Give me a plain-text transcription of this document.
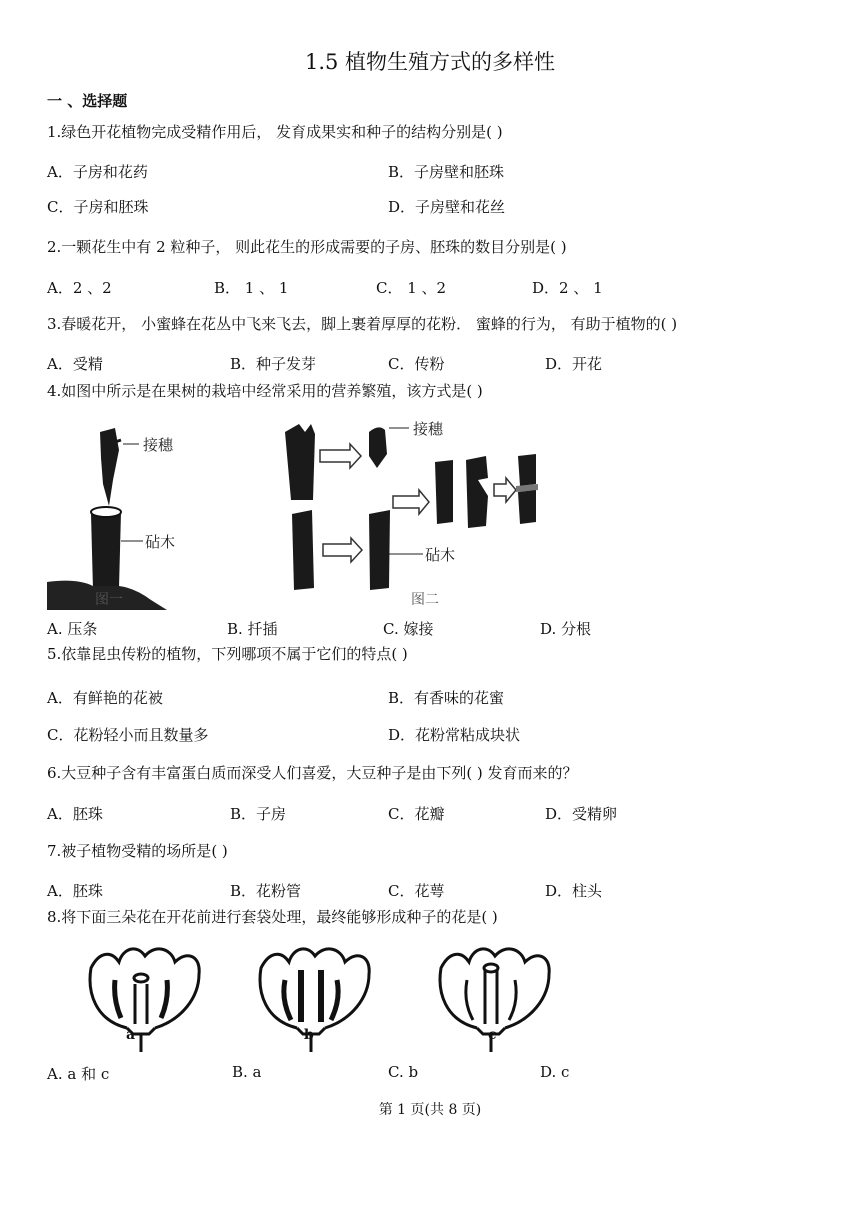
1.5 植物生殖方式的多样性
一 、选择题
1.绿色开花植物完成受精作用后， 发育成果实和种子的结构分别是( )
A．子房和花药	B．子房壁和胚珠
C．子房和胚珠	D．子房壁和花丝
2.一颗花生中有 2 粒种子， 则此花生的形成需要的子房、胚珠的数目分别是( )
A．2 、2	B． 1 、 1	C． 1 、2	D．2 、 1
3.春暖花开， 小蜜蜂在花丛中飞来飞去，脚上裹着厚厚的花粉． 蜜蜂的行为， 有助于植物的( )
A．受精	B．种子发芽	C．传粉	D．开花
4.如图中所示是在果树的栽培中经常采用的营养繁殖，该方式是( )
接穗
砧木
图一
接穗
砧木
图二
A. 压条	B. 扦插	C. 嫁接	D. 分根
5.依靠昆虫传粉的植物，下列哪项不属于它们的特点( )
A．有鲜艳的花被	B．有香味的花蜜
C．花粉轻小而且数量多	D．花粉常粘成块状
6.大豆种子含有丰富蛋白质而深受人们喜爱，大豆种子是由下列( ) 发育而来的？
A．胚珠	B．子房	C．花瓣	D．受精卵
7.被子植物受精的场所是( )
A．胚珠	B．花粉管	C．花萼	D．柱头
8.将下面三朵花在开花前进行套袋处理，最终能够形成种子的花是( )
a	b	c
A. a 和 c	B. a	C. b	D. c
第 1 页(共 8 页)
